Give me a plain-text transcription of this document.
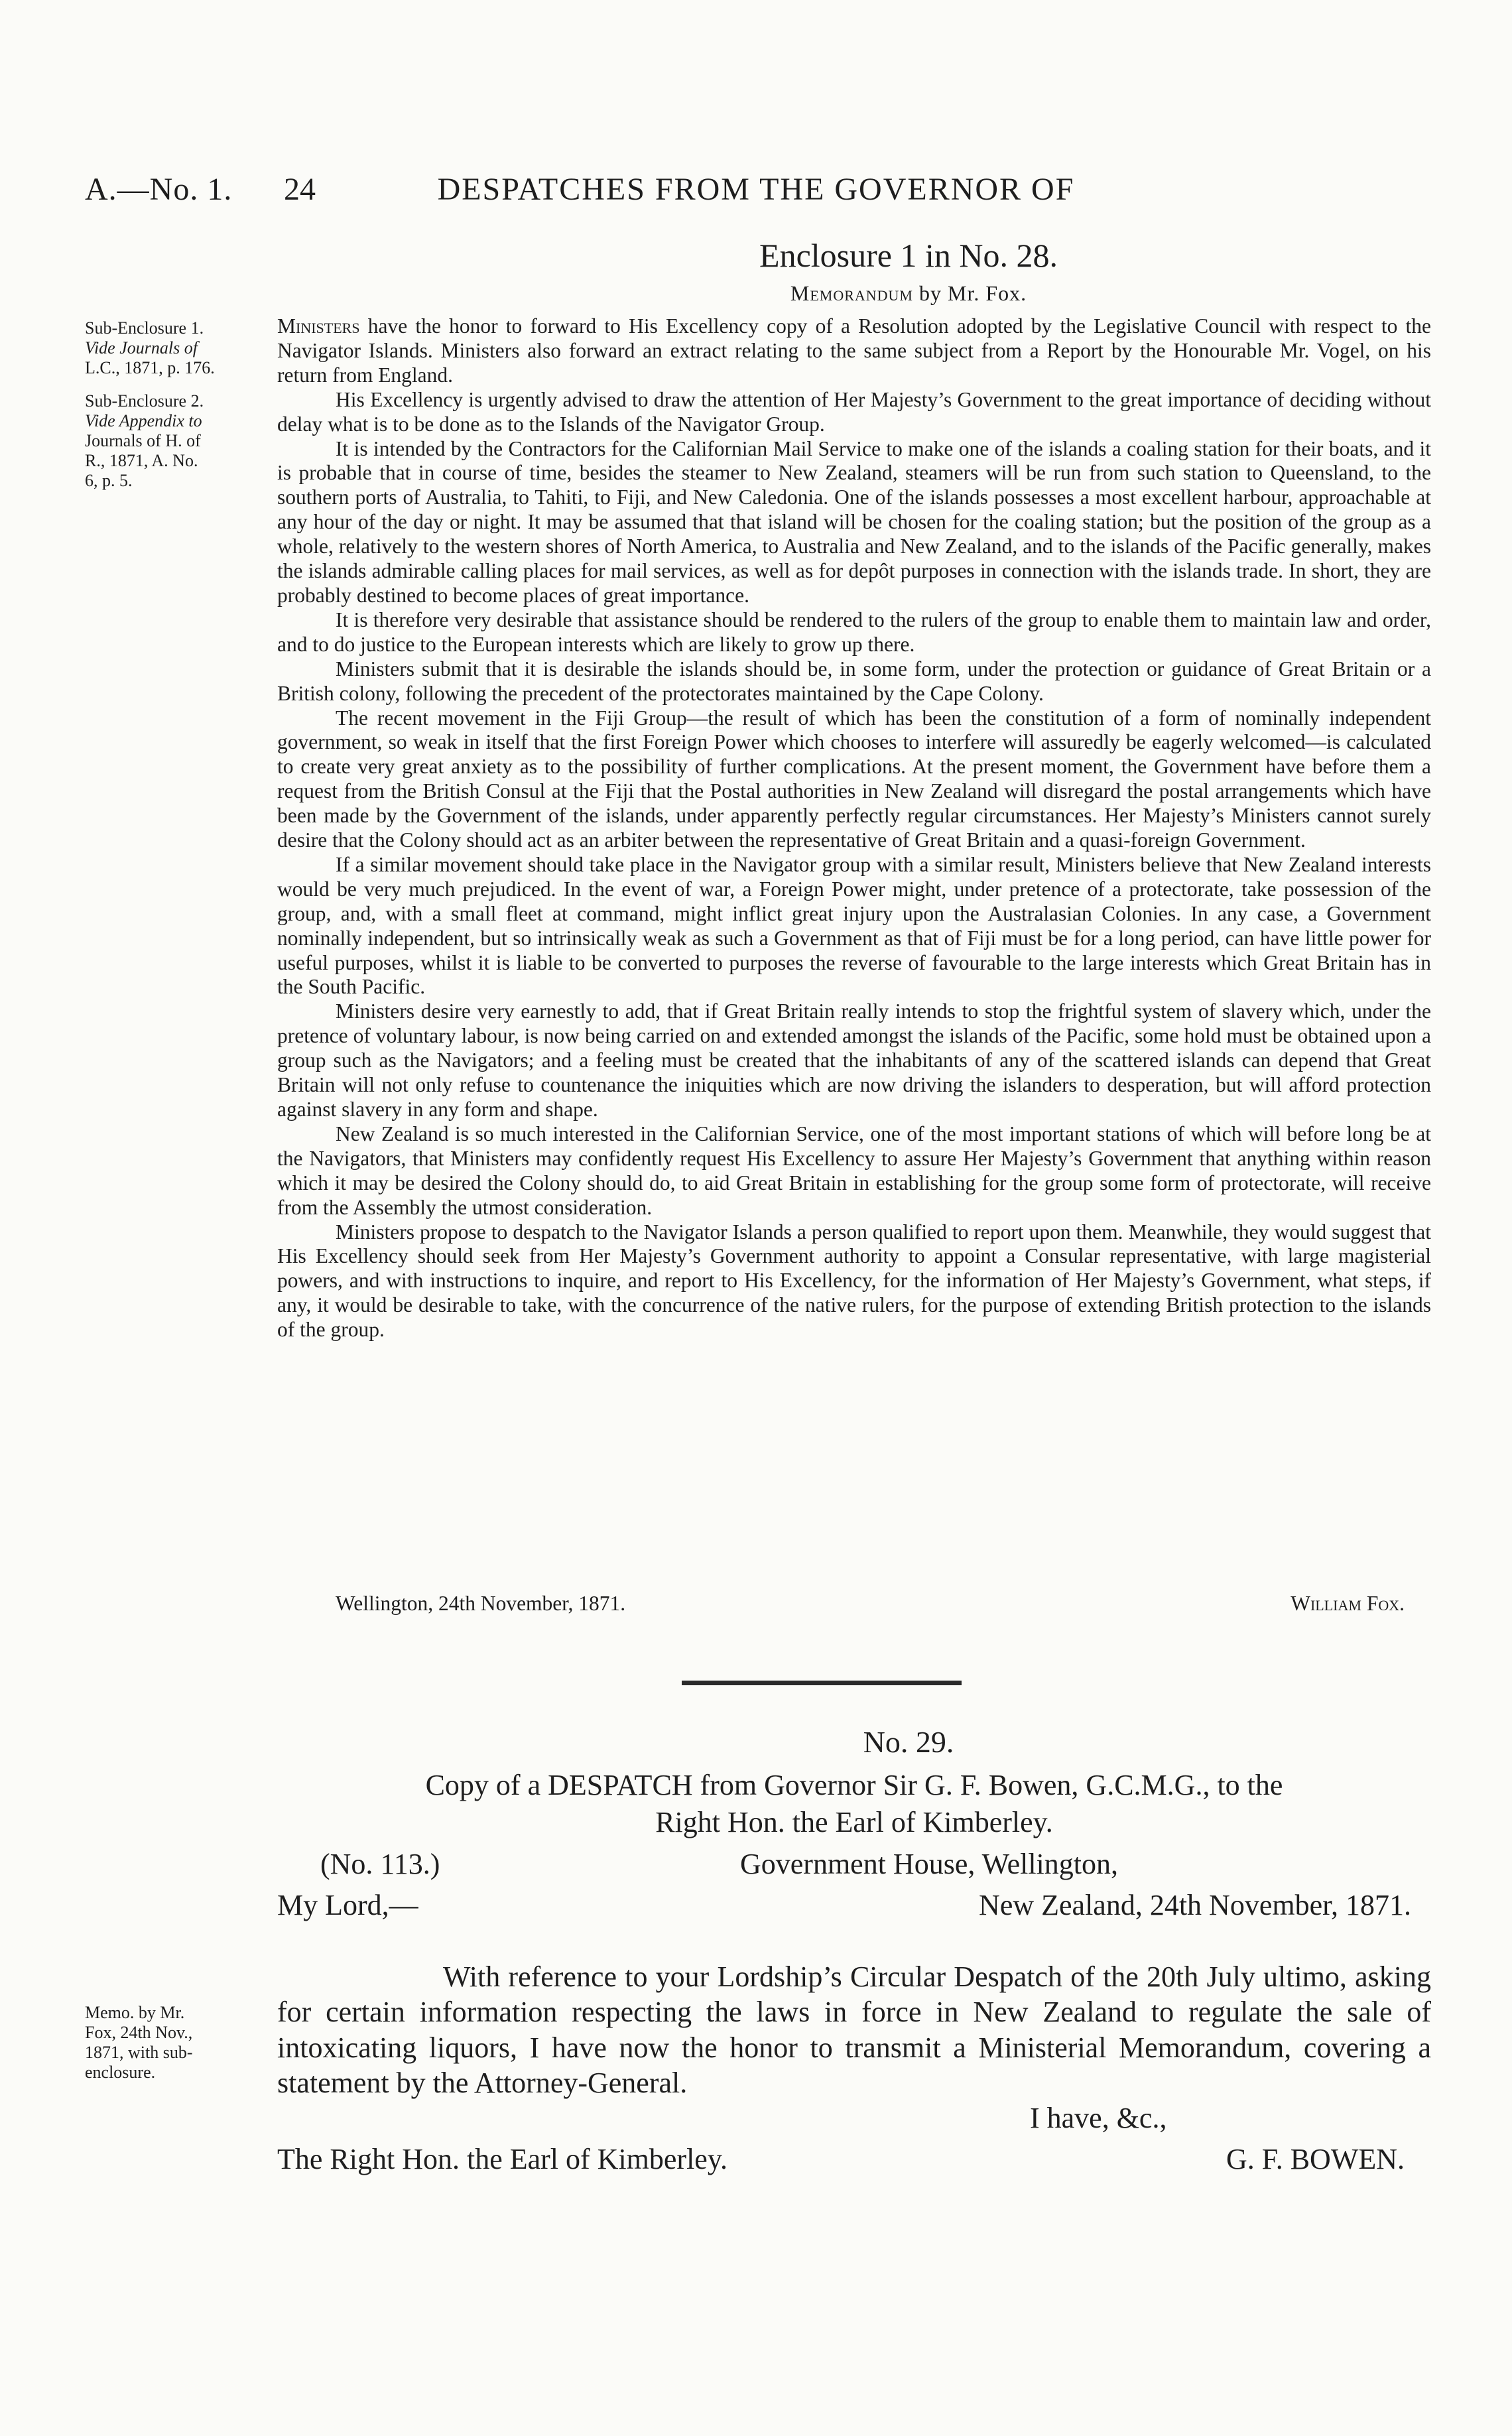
A.—No. 1. 24	DESPATCHES FROM THE GOVERNOR OF
Enclosure 1 in No. 28.
Memorandum by Mr. Fox.
Sub-Enclosure 1.
Vide Journals of
L.C., 1871, p. 176.
Sub-Enclosure 2.
Vide Appendix to
Journals of H. of
R., 1871, A. No.
6, p. 5.
Memo. by Mr.
Fox, 24th Nov.,
1871, with sub-
enclosure.

Ministers have the honor to forward to His Excellency copy of a Resolution adopted by the Legislative Council with respect to the Navigator Islands. Ministers also forward an extract relating to the same subject from a Report by the Honourable Mr. Vogel, on his return from England.

His Excellency is urgently advised to draw the attention of Her Majesty’s Government to the great importance of deciding without delay what is to be done as to the Islands of the Navigator Group.

It is intended by the Contractors for the Californian Mail Service to make one of the islands a coaling station for their boats, and it is probable that in course of time, besides the steamer to New Zealand, steamers will be run from such station to Queensland, to the southern ports of Australia, to Tahiti, to Fiji, and New Caledonia. One of the islands possesses a most excellent harbour, approachable at any hour of the day or night. It may be assumed that that island will be chosen for the coaling station; but the position of the group as a whole, relatively to the western shores of North America, to Australia and New Zealand, and to the islands of the Pacific generally, makes the islands admirable calling places for mail services, as well as for depôt purposes in connection with the islands trade. In short, they are probably destined to become places of great importance.

It is therefore very desirable that assistance should be rendered to the rulers of the group to enable them to maintain law and order, and to do justice to the European interests which are likely to grow up there.

Ministers submit that it is desirable the islands should be, in some form, under the protection or guidance of Great Britain or a British colony, following the precedent of the protectorates maintained by the Cape Colony.

The recent movement in the Fiji Group—the result of which has been the constitution of a form of nominally independent government, so weak in itself that the first Foreign Power which chooses to interfere will assuredly be eagerly welcomed—is calculated to create very great anxiety as to the possibility of further complications. At the present moment, the Government have before them a request from the British Consul at the Fiji that the Postal authorities in New Zealand will disregard the postal arrangements which have been made by the Government of the islands, under apparently perfectly regular circumstances. Her Majesty’s Ministers cannot surely desire that the Colony should act as an arbiter between the representative of Great Britain and a quasi-foreign Government.

If a similar movement should take place in the Navigator group with a similar result, Ministers believe that New Zealand interests would be very much prejudiced. In the event of war, a Foreign Power might, under pretence of a protectorate, take possession of the group, and, with a small fleet at command, might inflict great injury upon the Australasian Colonies. In any case, a Government nominally independent, but so intrinsically weak as such a Government as that of Fiji must be for a long period, can have little power for useful purposes, whilst it is liable to be converted to purposes the reverse of favourable to the large interests which Great Britain has in the South Pacific.

Ministers desire very earnestly to add, that if Great Britain really intends to stop the frightful system of slavery which, under the pretence of voluntary labour, is now being carried on and extended amongst the islands of the Pacific, some hold must be obtained upon a group such as the Navigators; and a feeling must be created that the inhabitants of any of the scattered islands can depend that Great Britain will not only refuse to countenance the iniquities which are now driving the islanders to desperation, but will afford protection against slavery in any form and shape.

New Zealand is so much interested in the Californian Service, one of the most important stations of which will before long be at the Navigators, that Ministers may confidently request His Excellency to assure Her Majesty’s Government that anything within reason which it may be desired the Colony should do, to aid Great Britain in establishing for the group some form of protectorate, will receive from the Assembly the utmost consideration.

Ministers propose to despatch to the Navigator Islands a person qualified to report upon them. Meanwhile, they would suggest that His Excellency should seek from Her Majesty’s Government authority to appoint a Consular representative, with large magisterial powers, and with instructions to inquire, and report to His Excellency, for the information of Her Majesty’s Government, what steps, if any, it would be desirable to take, with the concurrence of the native rulers, for the purpose of extending British protection to the islands of the group.

Wellington, 24th November, 1871.	William Fox.
No. 29.
Copy of a DESPATCH from Governor Sir G. F. Bowen, G.C.M.G., to the
Right Hon. the Earl of Kimberley.
(No. 113.)	Government House, Wellington,
My Lord,—	New Zealand, 24th November, 1871.

With reference to your Lordship’s Circular Despatch of the 20th July ultimo, asking for certain information respecting the laws in force in New Zealand to regulate the sale of intoxicating liquors, I have now the honor to transmit a Ministerial Memorandum, covering a statement by the Attorney-General.

I have, &c.,
The Right Hon. the Earl of Kimberley.	G. F. BOWEN.
